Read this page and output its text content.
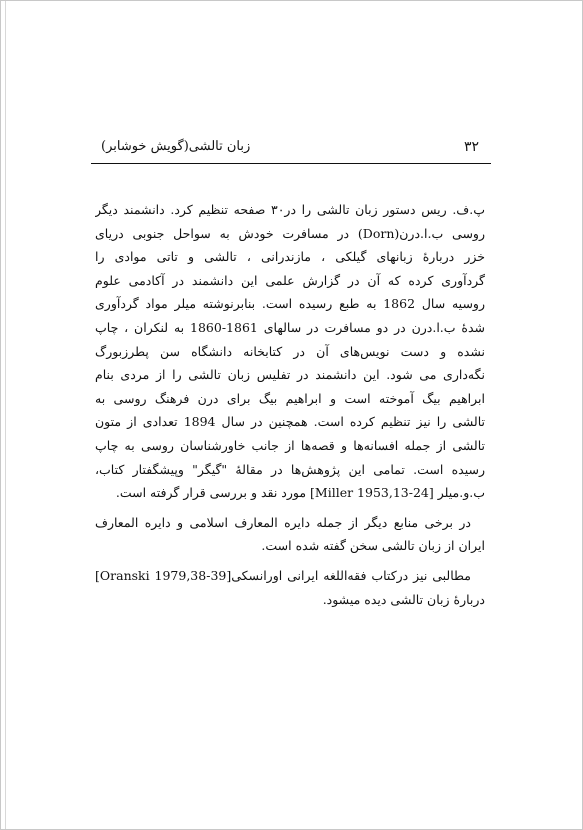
۳۲
زبان تالشی(گویش خوشابر)
پ.ف. ریس دستور زبان تالشی را در۳۰ صفحه تنظیم کرد. دانشمند دیگر
روسی ب.ا.درن(Dorn) در مسافرت خودش به سواحل جنوبی دریای
خزر دربارۀ زبانهای گیلکی ، مازندرانی ، تالشی و تاتی موادی را
گردآوری کرده که آن در گزارش علمی این دانشمند در آکادمی علوم
روسیه سال 1862 به طبع رسیده است. بنابرنوشته میلر مواد گردآوری
شدۀ ب.ا.درن در دو مسافرت در سالهای 1861-1860 به لنکران ، چاپ
نشده و دست نویس‌های آن در کتابخانه دانشگاه سن پطرزبورگ
نگه‌داری می شود. این دانشمند در تفلیس زبان تالشی را از مردی بنام
ابراهیم بیگ آموخته است و ابراهیم بیگ برای درن فرهنگ روسی به
تالشی را نیز تنظیم کرده است. همچنین در سال 1894 تعدادی از متون
تالشی از جمله افسانه‌ها و قصه‌ها از جانب خاورشناسان روسی به چاپ
رسیده است. تمامی این پژوهش‌ها در مقالۀ "گیگر" وپیشگفتار کتاب،
ب.و.میلر [Miller 1953,13-24] مورد نقد و بررسی قرار گرفته است.
در برخی منابع دیگر از جمله دایره المعارف اسلامی و دایره المعارف
ایران از زبان تالشی سخن گفته شده است.
مطالبی نیز درکتاب فقه‌اللغه ایرانی اورانسکی[Oranski 1979,38-39]
دربارۀ زبان تالشی دیده میشود.
